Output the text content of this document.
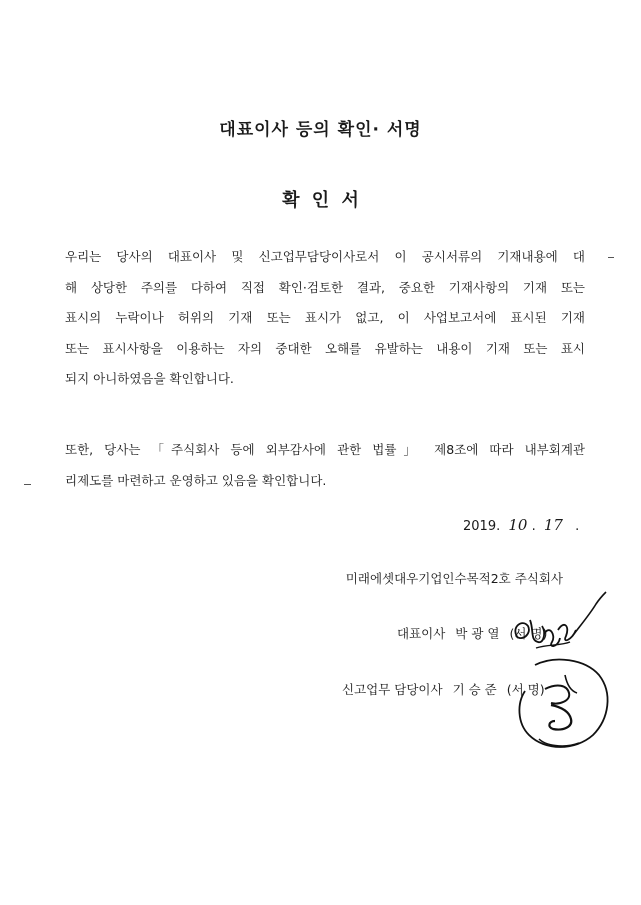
대표이사 등의 확인· 서명
확 인 서
우리는 당사의 대표이사 및 신고업무담당이사로서 이 공시서류의 기재내용에 대
해 상당한 주의를 다하여 직접 확인·검토한 결과, 중요한 기재사항의 기재 또는
표시의 누락이나 허위의 기재 또는 표시가 없고, 이 사업보고서에 표시된 기재
또는 표시사항을 이용하는 자의 중대한 오해를 유발하는 내용이 기재 또는 표시
되지 아니하였음을 확인합니다.
또한, 당사는 「주식회사 등에 외부감사에 관한 법률」 제8조에 따라 내부회계관
리제도를 마련하고 운영하고 있음을 확인합니다.
2019. 10 . 17 .
미래에셋대우기업인수목적2호 주식회사
대표이사 박 광 열 (서 명)
신고업무 담당이사 기 승 준 (서 명)
